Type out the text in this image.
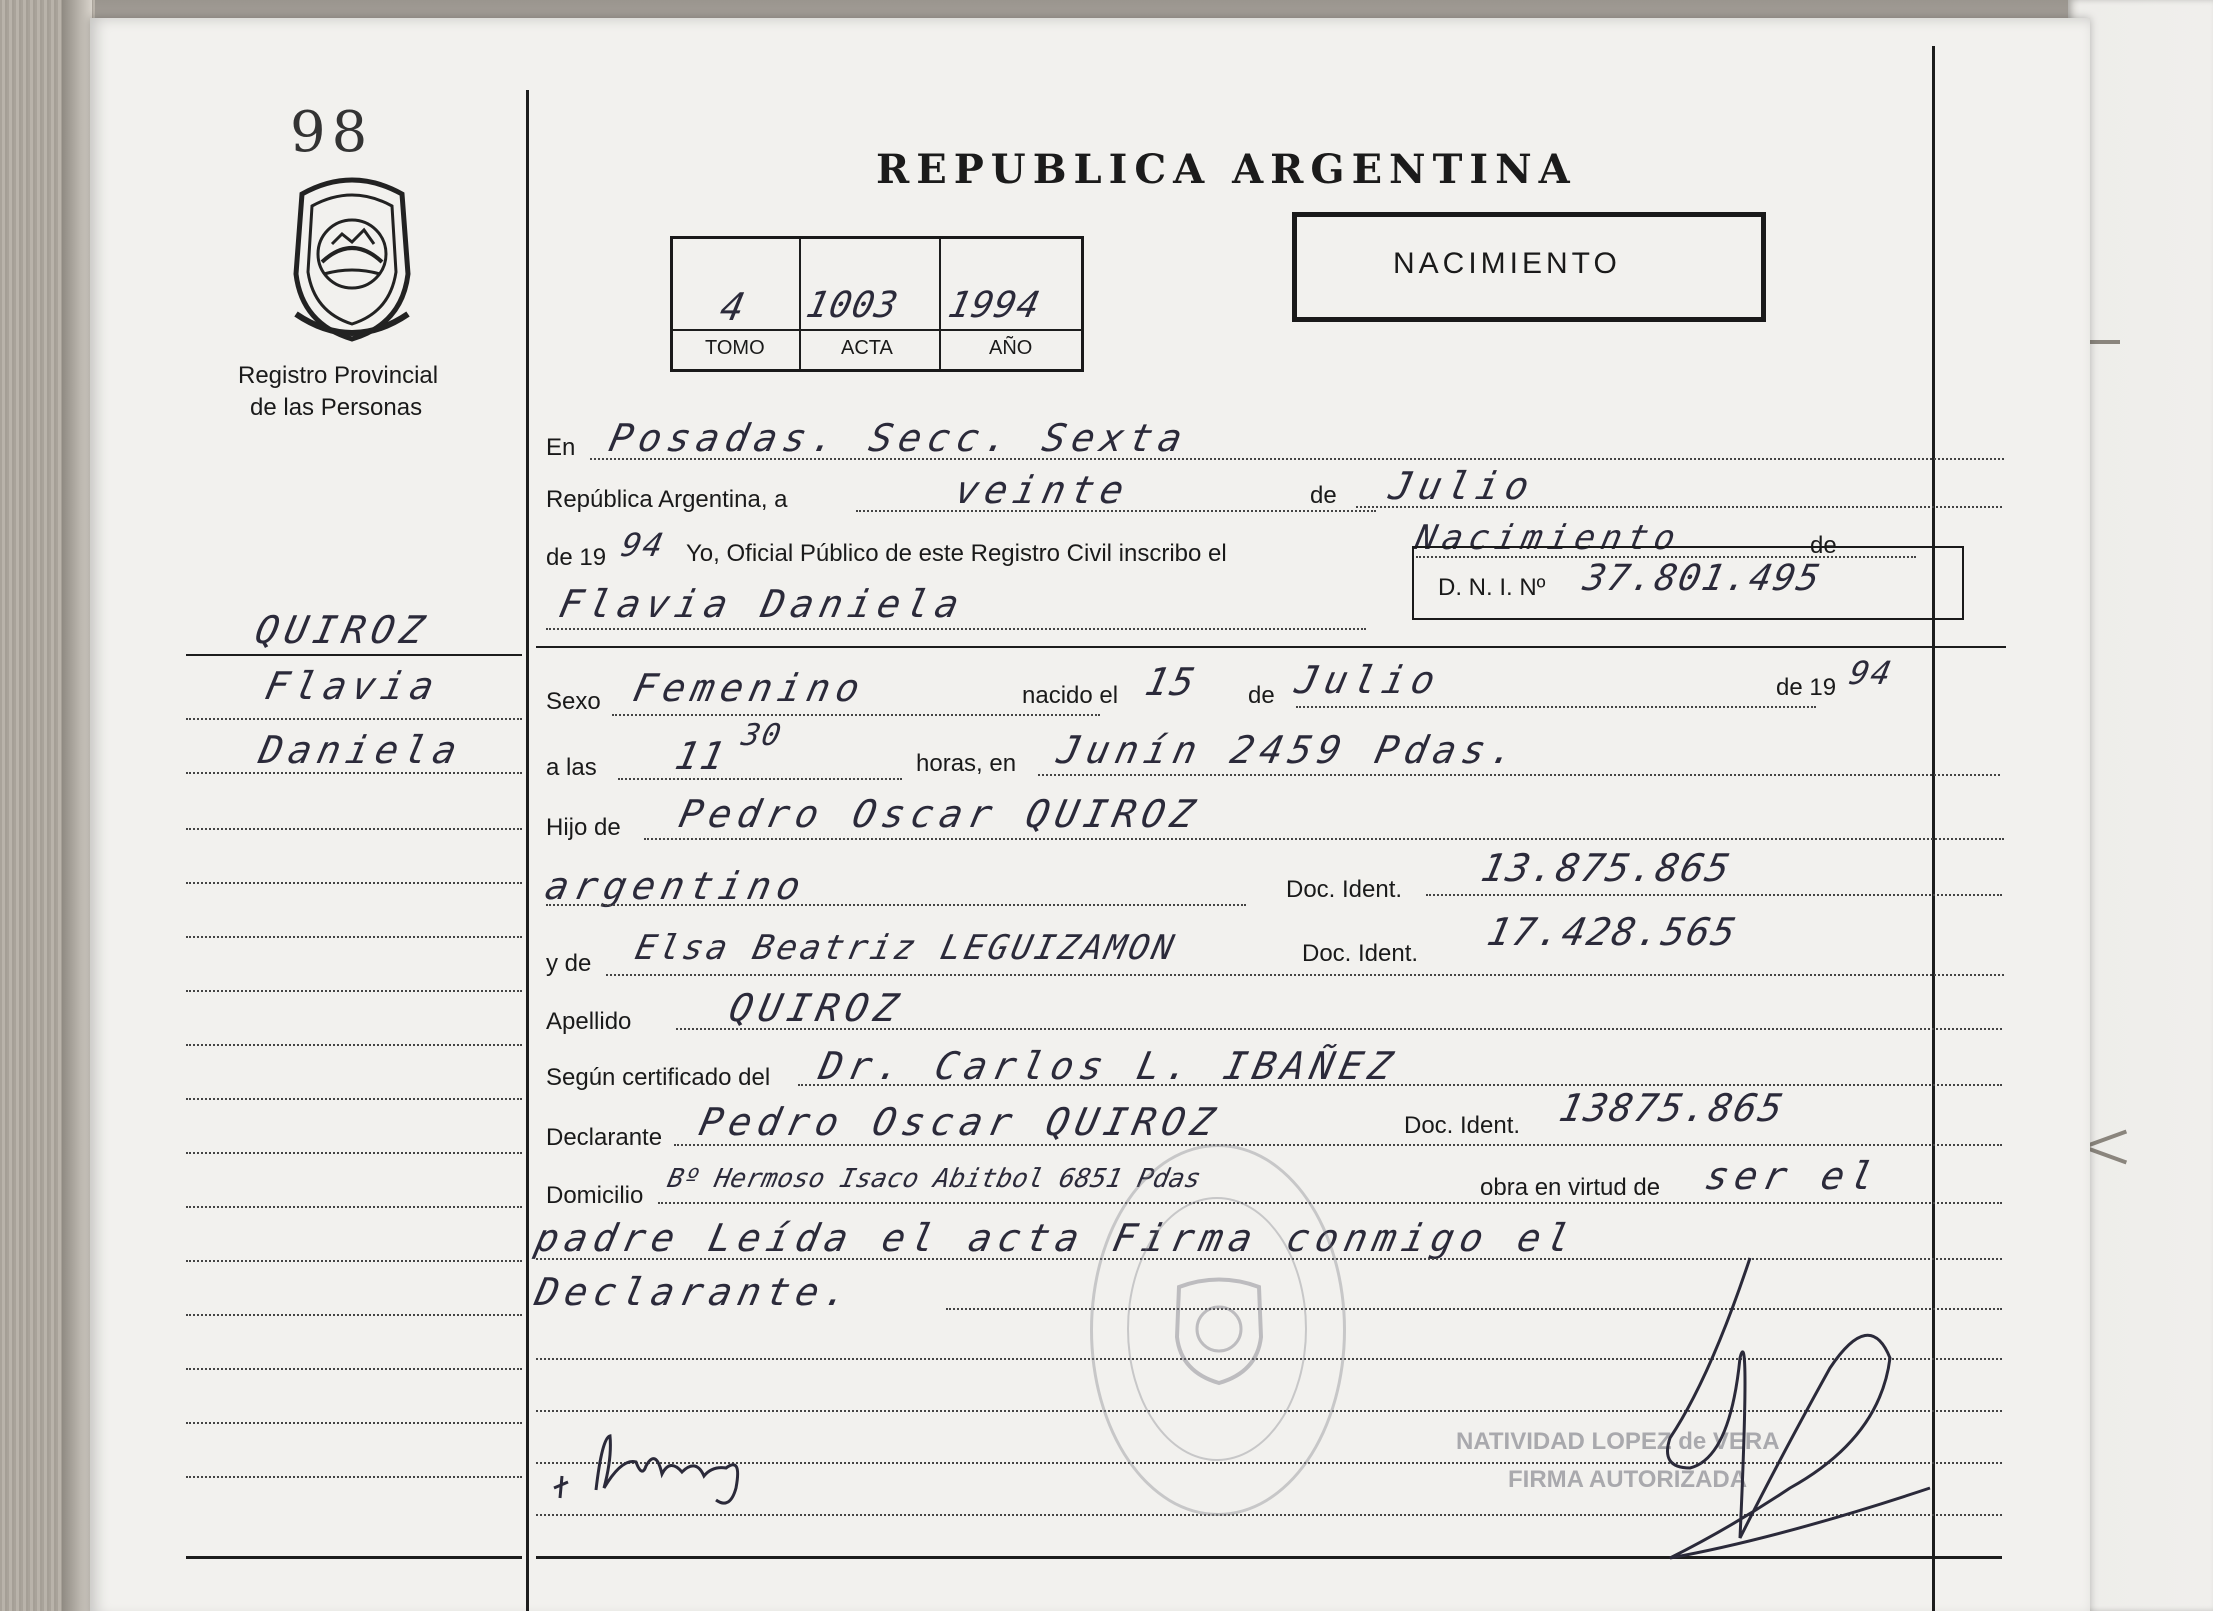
98
Registro Provincial
de las Personas
QUIROZ
Flavia
Daniela
REPUBLICA ARGENTINA
NACIMIENTO
4 1003 1994
TOMO	ACTA	AÑO
En Posadas. Secc. Sexta
República Argentina, a	veinte	de Julio
de 19 94 Yo, Oficial Público de este Registro Civil inscribo el	Nacimiento	de
Flavia Daniela	D. N. I. Nº 37.801.495
Sexo Femenino	nacido el 15 de Julio	de 19 94
a las 11 30
horas, en Junín 2459 Pdas.
Hijo de Pedro Oscar QUIROZ
argentino	Doc. Ident. 13.875.865
y de Elsa Beatriz LEGUIZAMON	Doc. Ident. 17.428.565
Apellido QUIROZ
Según certificado del Dr. Carlos L. IBAÑEZ
Declarante Pedro Oscar QUIROZ	Doc. Ident. 13875.865
Domicilio
Bº Hermoso Isaco Abitbol 6851 Pdas	obra en virtud de ser el
padre Leída el acta Firma conmigo el
Declarante.
NATIVIDAD LOPEZ de VERA
FIRMA AUTORIZADA
